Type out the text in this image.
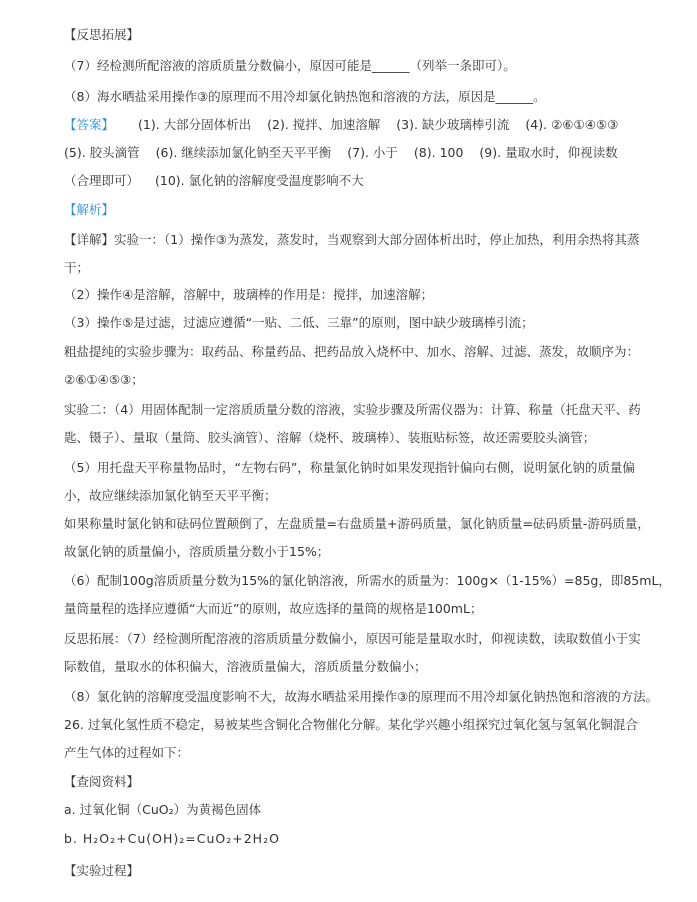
【反思拓展】
（7）经检测所配溶液的溶质质量分数偏小，原因可能是______（列举一条即可）。
（8）海水晒盐采用操作③的原理而不用冷却氯化钠热饱和溶液的方法，原因是______。
【答案】 (1). 大部分固体析出 (2). 搅拌、加速溶解 (3). 缺少玻璃棒引流 (4). ②⑥①④⑤③
(5). 胶头滴管 (6). 继续添加氯化钠至天平平衡 (7). 小于 (8). 100 (9). 量取水时，仰视读数
（合理即可） (10). 氯化钠的溶解度受温度影响不大
【解析】
【详解】实验一：（1）操作③为蒸发，蒸发时，当观察到大部分固体析出时，停止加热，利用余热将其蒸
干；
（2）操作④是溶解，溶解中，玻璃棒的作用是：搅拌，加速溶解；
（3）操作⑤是过滤，过滤应遵循“一贴、二低、三靠”的原则，图中缺少玻璃棒引流；
粗盐提纯的实验步骤为：取药品、称量药品、把药品放入烧杯中、加水、溶解、过滤、蒸发，故顺序为：
②⑥①④⑤③；
实验二：（4）用固体配制一定溶质质量分数的溶液，实验步骤及所需仪器为：计算、称量（托盘天平、药
匙、镊子）、量取（量筒、胶头滴管）、溶解（烧杯、玻璃棒）、装瓶贴标签，故还需要胶头滴管；
（5）用托盘天平称量物品时，“左物右码”，称量氯化钠时如果发现指针偏向右侧，说明氯化钠的质量偏
小，故应继续添加氯化钠至天平平衡；
如果称量时氯化钠和砝码位置颠倒了，左盘质量=右盘质量+游码质量，氯化钠质量=砝码质量-游码质量，
故氯化钠的质量偏小，溶质质量分数小于15%；
（6）配制100g溶质质量分数为15%的氯化钠溶液，所需水的质量为：100g×（1-15%）=85g，即85mL，
量筒量程的选择应遵循“大而近”的原则，故应选择的量筒的规格是100mL；
反思拓展：（7）经检测所配溶液的溶质质量分数偏小，原因可能是量取水时，仰视读数，读取数值小于实
际数值，量取水的体积偏大，溶液质量偏大，溶质质量分数偏小；
（8）氯化钠的溶解度受温度影响不大，故海水晒盐采用操作③的原理而不用冷却氯化钠热饱和溶液的方法。
26. 过氧化氢性质不稳定，易被某些含铜化合物催化分解。某化学兴趣小组探究过氧化氢与氢氧化铜混合
产生气体的过程如下：
【查阅资料】
a. 过氧化铜（CuO₂）为黄褐色固体
b. H₂O₂+Cu(OH)₂=CuO₂+2H₂O
【实验过程】
